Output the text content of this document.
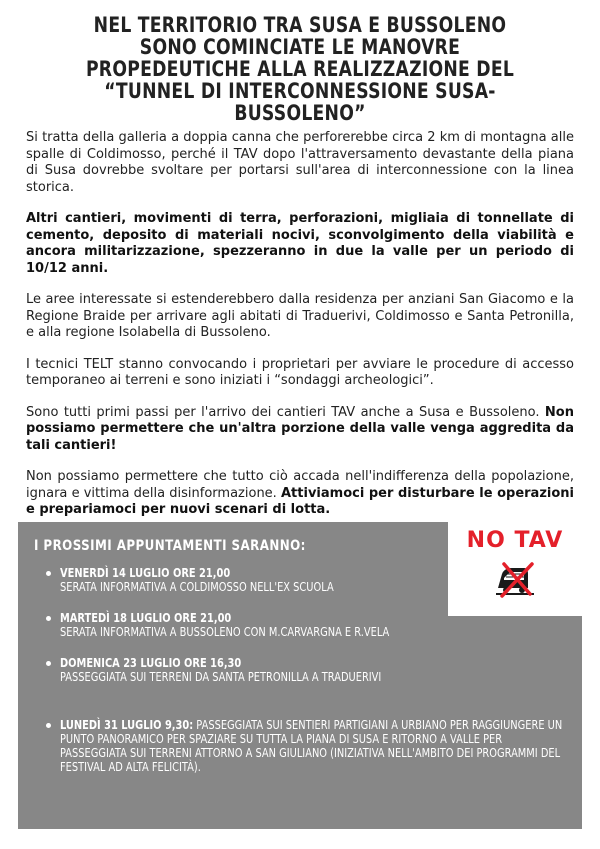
NEL TERRITORIO TRA SUSA E BUSSOLENO SONO COMINCIATE LE MANOVRE PROPEDEUTICHE ALLA REALIZZAZIONE DEL “TUNNEL DI INTERCONNESSIONE SUSA-BUSSOLENO”

Si tratta della galleria a doppia canna che perforerebbe circa 2 km di montagna alle spalle di Coldimosso, perché il TAV dopo l'attraversamento devastante della piana di Susa dovrebbe svoltare per portarsi sull'area di interconnessione con la linea storica.

Altri cantieri, movimenti di terra, perforazioni, migliaia di tonnellate di cemento, deposito di materiali nocivi, sconvolgimento della viabilità e ancora militarizzazione, spezzeranno in due la valle per un periodo di 10/12 anni.

Le aree interessate si estenderebbero dalla residenza per anziani San Giacomo e la Regione Braide per arrivare agli abitati di Traduerivi, Coldimosso e Santa Petronilla, e alla regione Isolabella di Bussoleno.

I tecnici TELT stanno convocando i proprietari per avviare le procedure di accesso temporaneo ai terreni e sono iniziati i “sondaggi archeologici”.

Sono tutti primi passi per l'arrivo dei cantieri TAV anche a Susa e Bussoleno. Non possiamo permettere che un'altra porzione della valle venga aggredita da tali cantieri!

Non possiamo permettere che tutto ciò accada nell'indifferenza della popolazione, ignara e vittima della disinformazione. Attiviamoci per disturbare le operazioni e prepariamoci per nuovi scenari di lotta.

I PROSSIMI APPUNTAMENTI SARANNO:	NO TAV
VENERDÌ 14 LUGLIO ORE 21,00
SERATA INFORMATIVA A COLDIMOSSO NELL'EX SCUOLA
MARTEDÌ 18 LUGLIO ORE 21,00
SERATA INFORMATIVA A BUSSOLENO CON M.CARVARGNA E R.VELA
DOMENICA 23 LUGLIO ORE 16,30
PASSEGGIATA SUI TERRENI DA SANTA PETRONILLA A TRADUERIVI
LUNEDÌ 31 LUGLIO 9,30: PASSEGGIATA SUI SENTIERI PARTIGIANI A URBIANO PER RAGGIUNGERE UN PUNTO PANORAMICO PER SPAZIARE SU TUTTA LA PIANA DI SUSA E RITORNO A VALLE PER PASSEGGIATA SUI TERRENI ATTORNO A SAN GIULIANO (INIZIATIVA NELL'AMBITO DEI PROGRAMMI DEL FESTIVAL AD ALTA FELICITÀ).
